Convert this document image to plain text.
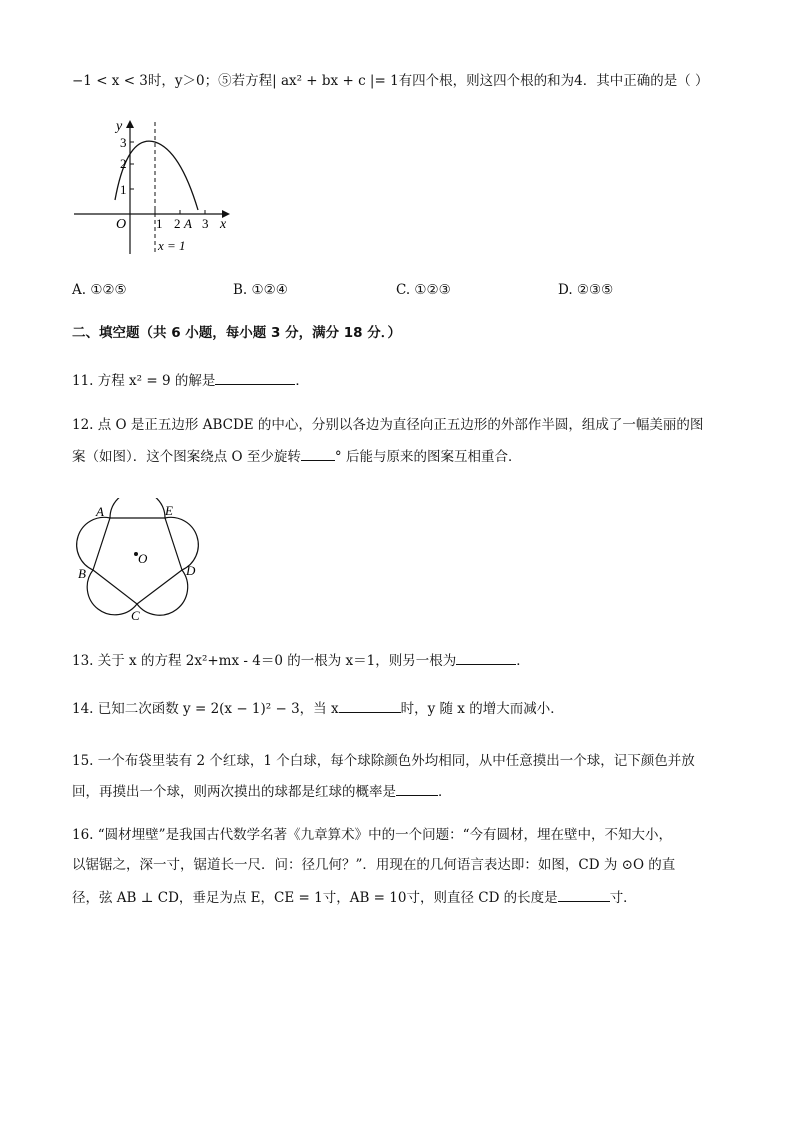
−1 < x < 3时，y＞0；⑤若方程| ax² + bx + c |= 1有四个根，则这四个根的和为4．其中正确的是（ ）
y
x
O 1 2 A 3
1
2
3
x = 1
A. ①②⑤	B. ①②④	C. ①②③	D. ②③⑤
二、填空题（共 6 小题，每小题 3 分，满分 18 分．）
11. 方程 x² = 9 的解是	．
12. 点 O 是正五边形 ABCDE 的中心，分别以各边为直径向正五边形的外部作半圆，组成了一幅美丽的图
案（如图）．这个图案绕点 O 至少旋转	° 后能与原来的图案互相重合．
A	E
D
C
B
O
13. 关于 x 的方程 2x²+mx - 4＝0 的一根为 x＝1，则另一根为	．
14. 已知二次函数 y = 2(x − 1)² − 3，当 x	时，y 随 x 的增大而减小．
15. 一个布袋里装有 2 个红球，1 个白球，每个球除颜色外均相同，从中任意摸出一个球，记下颜色并放
回，再摸出一个球，则两次摸出的球都是红球的概率是	．
16. “圆材埋壁”是我国古代数学名著《九章算术》中的一个问题：“今有圆材，埋在壁中，不知大小，
以锯锯之，深一寸，锯道长一尺．问：径几何？”．用现在的几何语言表达即：如图，CD 为 ⊙O 的直
径，弦 AB ⊥ CD，垂足为点 E，CE = 1寸，AB = 10寸，则直径 CD 的长度是	寸．
